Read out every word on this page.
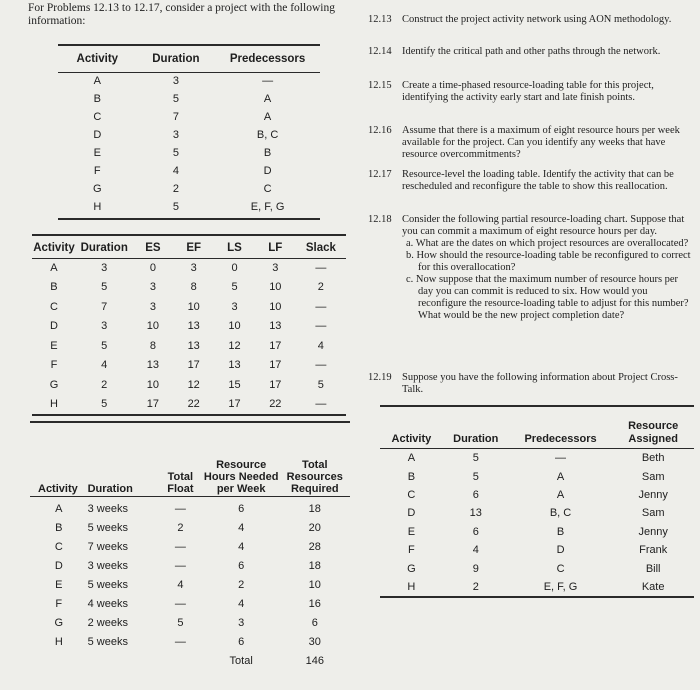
For Problems 12.13 to 12.17, consider a project with the following information:
Activity	Duration	Predecessors
A	3	—
B	5	A
C	7	A
D	3	B, C
E	5	B
F	4	D
G	2	C
H	5	E, F, G
Activity	Duration	ES	EF	LS	LF	Slack
A	3	0	3	0	3	—
B	5	3	8	5	10	2
C	7	3	10	3	10	—
D	3	10	13	10	13	—
E	5	8	13	12	17	4
F	4	13	17	13	17	—
G	2	10	12	15	17	5
H	5	17	22	17	22	—
Activity	Duration	Total Float	Resource Hours Needed per Week	Total Resources Required
A	3 weeks	—	6	18
B	5 weeks	2	4	20
C	7 weeks	—	4	28
D	3 weeks	—	6	18
E	5 weeks	4	2	10
F	4 weeks	—	4	16
G	2 weeks	5	3	6
H	5 weeks	—	6	30
			Total	146
12.13 Construct the project activity network using AON methodology.
12.14 Identify the critical path and other paths through the network.
12.15 Create a time-phased resource-loading table for this project, identifying the activity early start and late finish points.
12.16 Assume that there is a maximum of eight resource hours per week available for the project. Can you identify any weeks that have resource overcommitments?
12.17 Resource-level the loading table. Identify the activity that can be rescheduled and reconfigure the table to show this reallocation.
12.18 Consider the following partial resource-loading chart. Suppose that you can commit a maximum of eight resource hours per day.
a. What are the dates on which project resources are overallocated?
b. How should the resource-loading table be reconfigured to correct for this overallocation?
c. Now suppose that the maximum number of resource hours per day you can commit is reduced to six. How would you reconfigure the resource-loading table to adjust for this number? What would be the new project completion date?
12.19 Suppose you have the following information about Project Cross-Talk.
Activity	Duration	Predecessors	Resource Assigned
A	5	—	Beth
B	5	A	Sam
C	6	A	Jenny
D	13	B, C	Sam
E	6	B	Jenny
F	4	D	Frank
G	9	C	Bill
H	2	E, F, G	Kate
